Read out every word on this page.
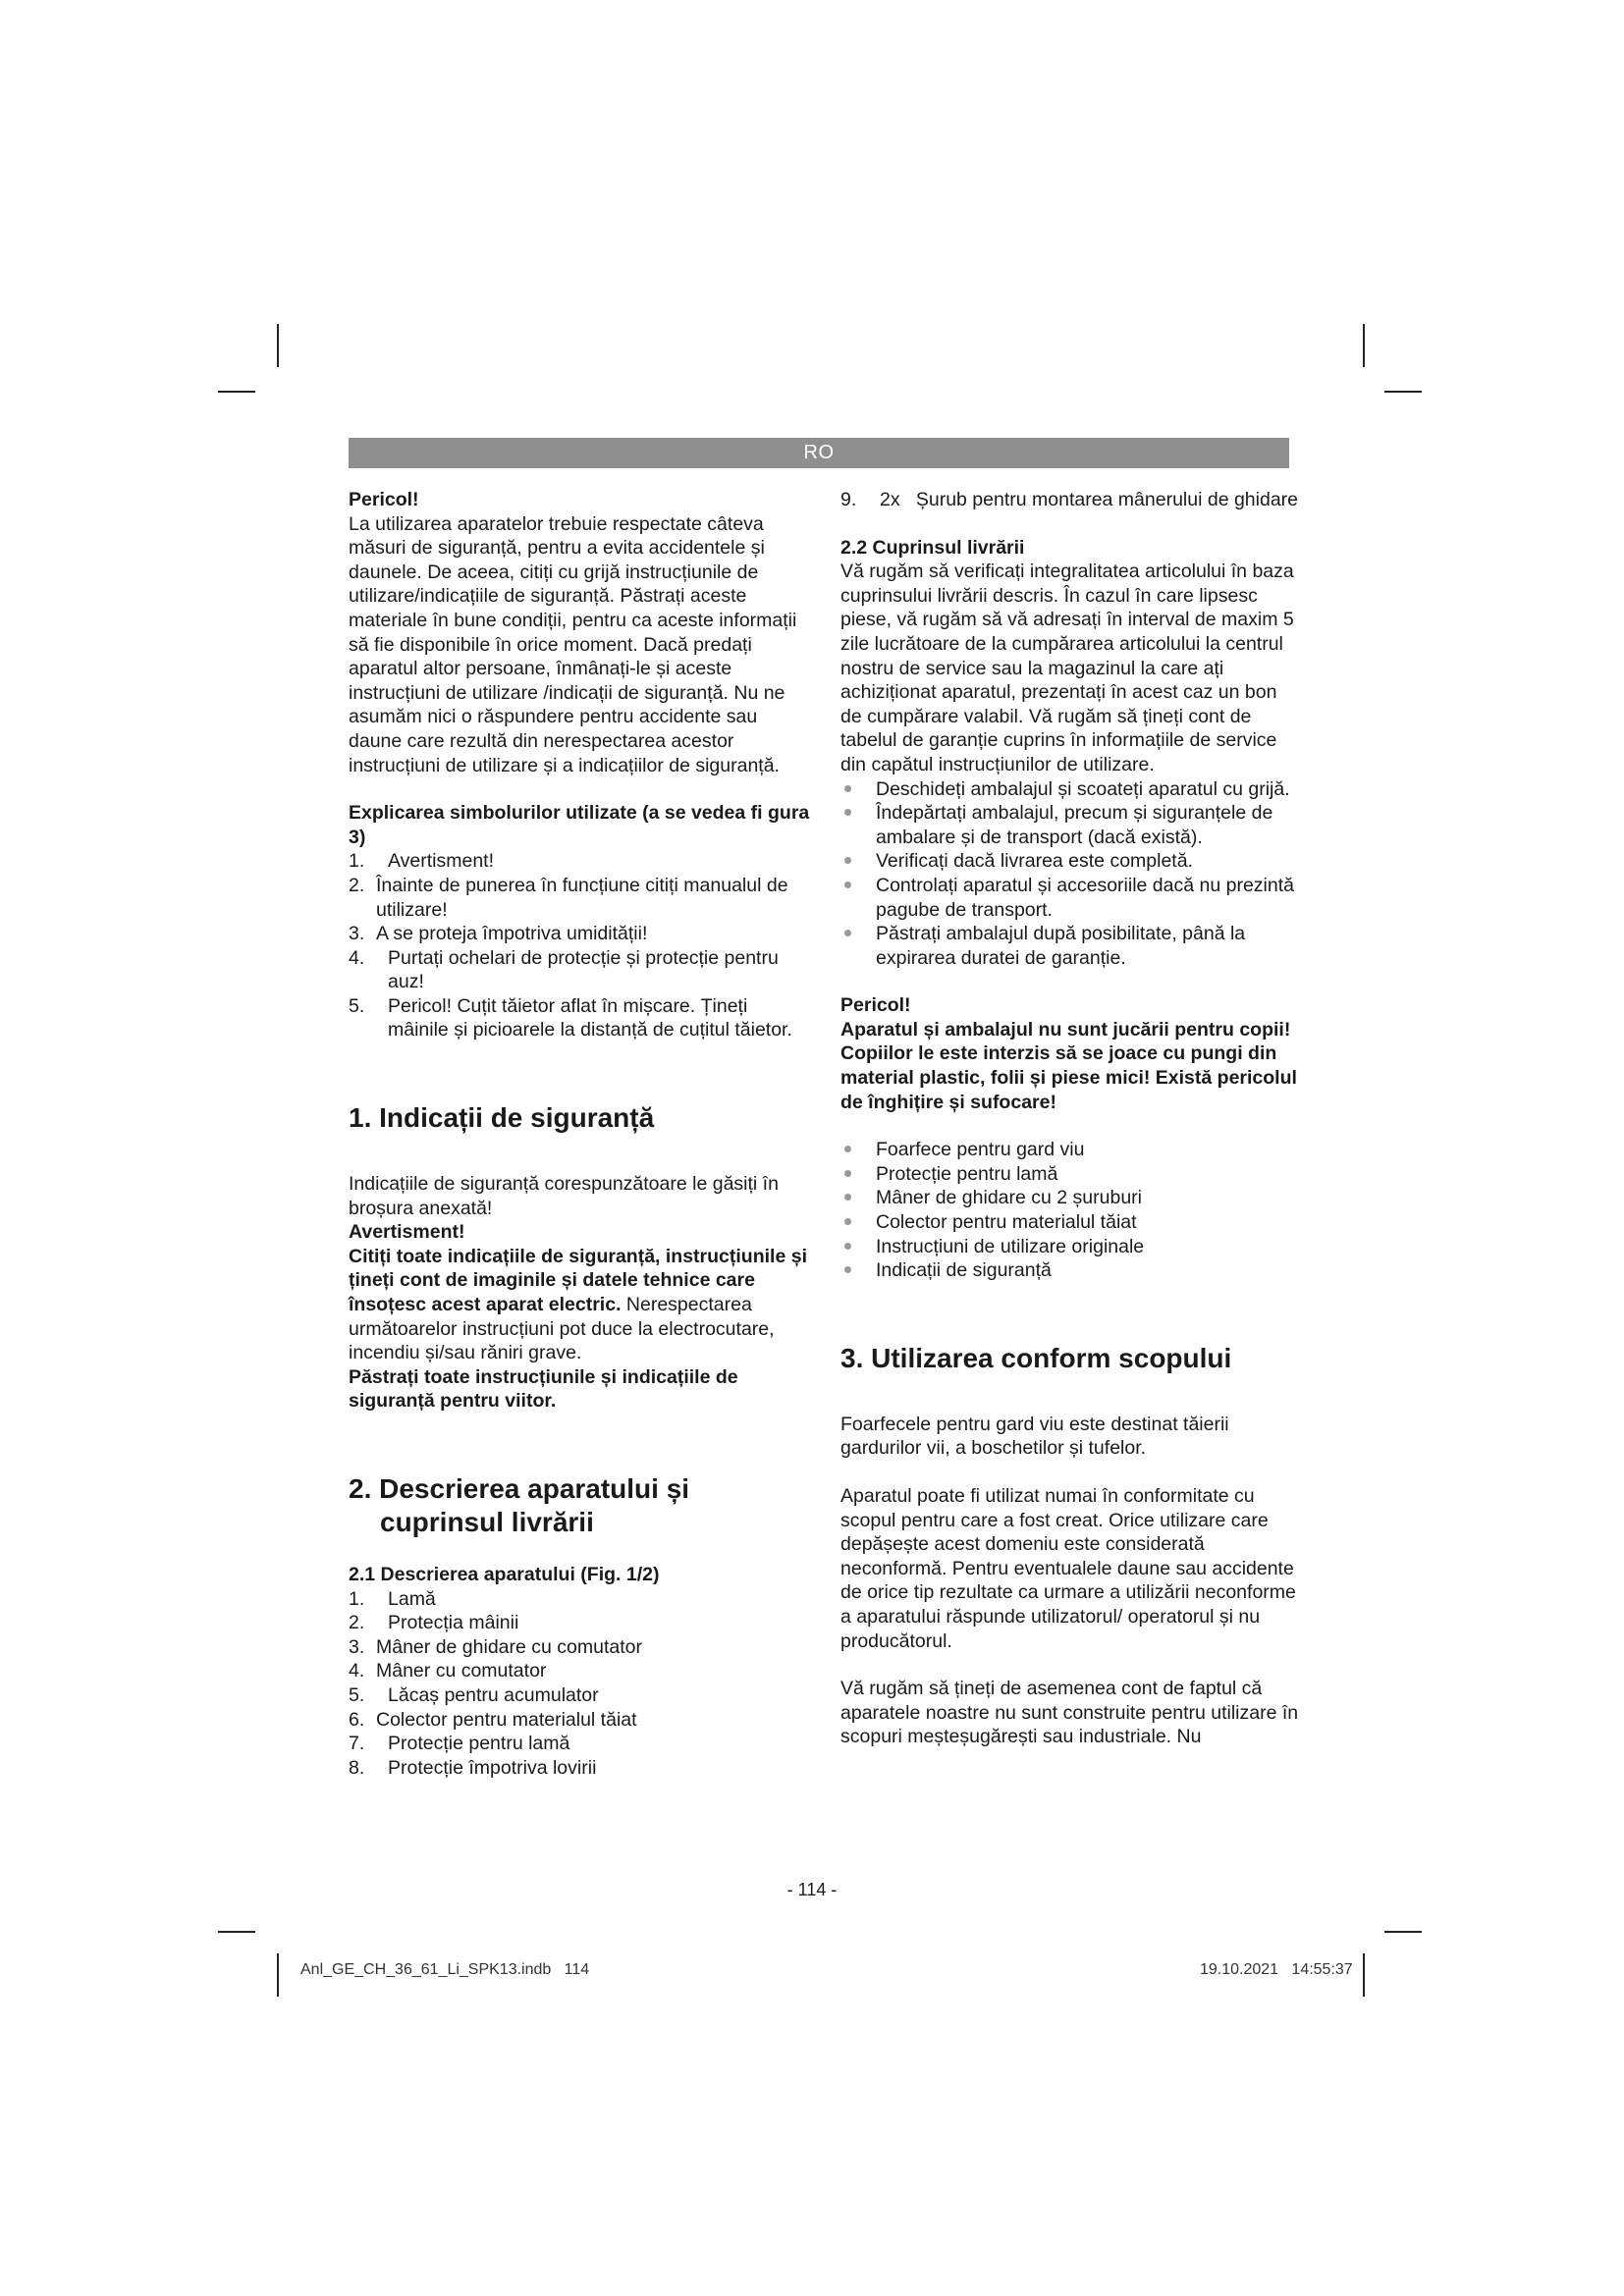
RO

Pericol!

La utilizarea aparatelor trebuie respectate câteva măsuri de siguranță, pentru a evita accidentele și daunele. De aceea, citiți cu grijă instrucțiunile de utilizare/indicațiile de siguranță. Păstrați aceste materiale în bune condiții, pentru ca aceste informații să fie disponibile în orice moment. Dacă predați aparatul altor persoane, înmânați-le și aceste instrucțiuni de utilizare /indicații de siguranță. Nu ne asumăm nici o răspundere pentru accidente sau daune care rezultă din nerespectarea acestor instrucțiuni de utilizare și a indicațiilor de siguranță.

Explicarea simbolurilor utilizate (a se vedea fi gura 3)

1.	Avertisment!
2. Înainte de punerea în funcțiune citiți manualul de utilizare!
3. A se proteja împotriva umidității!
4.	Purtați ochelari de protecție și protecție pentru auz!
5.	Pericol! Cuțit tăietor aflat în mișcare. Țineți mâinile și picioarele la distanță de cuțitul tăietor.
1. Indicații de siguranță

Indicațiile de siguranță corespunzătoare le găsiți în broșura anexată!

Avertisment!

Citiți toate indicațiile de siguranță, instrucțiunile și țineți cont de imaginile și datele tehnice care însoțesc acest aparat electric. Nerespectarea următoarelor instrucțiuni pot duce la electrocutare, incendiu și/sau răniri grave.

Păstrați toate instrucțiunile și indicațiile de siguranță pentru viitor.

2. Descrierea aparatului și cuprinsul livrării

2.1 Descrierea aparatului (Fig. 1/2)

1.	Lamă
2.	Protecția mâinii
3. Mâner de ghidare cu comutator
4. Mâner cu comutator
5.	Lăcaș pentru acumulator
6. Colector pentru materialul tăiat
7.	Protecție pentru lamă
8.	Protecție împotriva lovirii
9.	2x   Șurub pentru montarea mânerului de ghidare

2.2 Cuprinsul livrării

Vă rugăm să verificați integralitatea articolului în baza cuprinsului livrării descris. În cazul în care lipsesc piese, vă rugăm să vă adresați în interval de maxim 5 zile lucrătoare de la cumpărarea articolului la centrul nostru de service sau la magazinul la care ați achiziționat aparatul, prezentați în acest caz un bon de cumpărare valabil. Vă rugăm să țineți cont de tabelul de garanție cuprins în informațiile de service din capătul instrucțiunilor de utilizare.

Deschideți ambalajul și scoateți aparatul cu grijă.
Îndepărtați ambalajul, precum și siguranțele de ambalare și de transport (dacă există).
Verificați dacă livrarea este completă.
Controlați aparatul și accesoriile dacă nu prezintă pagube de transport.
Păstrați ambalajul după posibilitate, până la expirarea duratei de garanție.

Pericol!

Aparatul și ambalajul nu sunt jucării pentru copii! Copiilor le este interzis să se joace cu pungi din material plastic, folii și piese mici! Există pericolul de înghițire și sufocare!

Foarfece pentru gard viu
Protecție pentru lamă
Mâner de ghidare cu 2 șuruburi
Colector pentru materialul tăiat
Instrucțiuni de utilizare originale
Indicații de siguranță
3. Utilizarea conform scopului

Foarfecele pentru gard viu este destinat tăierii gardurilor vii, a boschetilor și tufelor.

Aparatul poate fi utilizat numai în conformitate cu scopul pentru care a fost creat. Orice utilizare care depășește acest domeniu este considerată neconformă. Pentru eventualele daune sau accidente de orice tip rezultate ca urmare a utilizării neconforme a aparatului răspunde utilizatorul/ operatorul și nu producătorul.

Vă rugăm să țineți de asemenea cont de faptul că aparatele noastre nu sunt construite pentru utilizare în scopuri meșteșugărești sau industriale. Nu

- 114 -
Anl_GE_CH_36_61_Li_SPK13.indb   114	19.10.2021   14:55:37
